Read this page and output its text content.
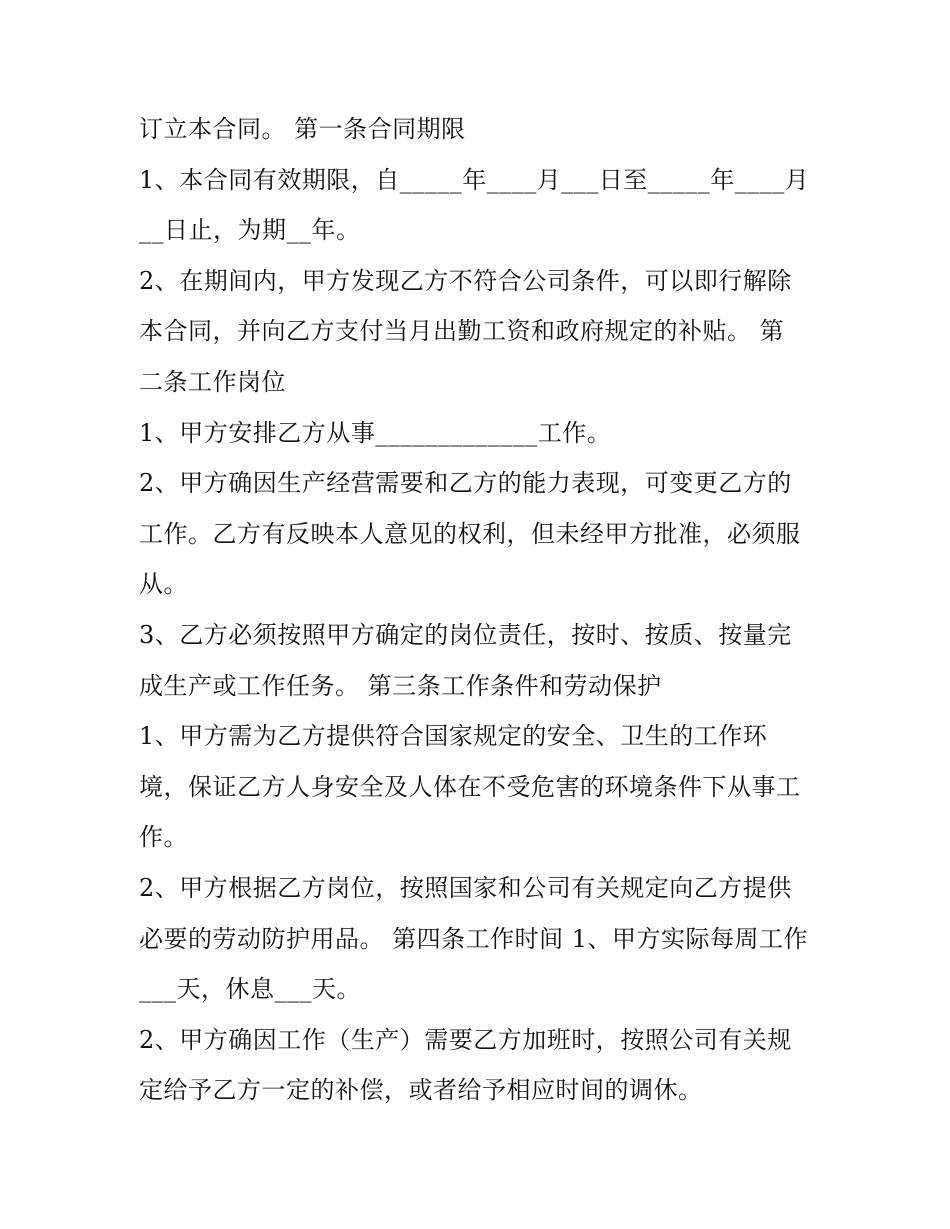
订立本合同。 第一条合同期限
1、本合同有效期限，自_____年____月___日至_____年____月
__日止，为期__年。
2、在期间内，甲方发现乙方不符合公司条件，可以即行解除
本合同，并向乙方支付当月出勤工资和政府规定的补贴。 第
二条工作岗位
1、甲方安排乙方从事_____________工作。
2、甲方确因生产经营需要和乙方的能力表现，可变更乙方的
工作。乙方有反映本人意见的权利，但未经甲方批准，必须服
从。
3、乙方必须按照甲方确定的岗位责任，按时、按质、按量完
成生产或工作任务。 第三条工作条件和劳动保护
1、甲方需为乙方提供符合国家规定的安全、卫生的工作环
境，保证乙方人身安全及人体在不受危害的环境条件下从事工
作。
2、甲方根据乙方岗位，按照国家和公司有关规定向乙方提供
必要的劳动防护用品。 第四条工作时间 1、甲方实际每周工作
___天，休息___天。
2、甲方确因工作（生产）需要乙方加班时，按照公司有关规
定给予乙方一定的补偿，或者给予相应时间的调休。
